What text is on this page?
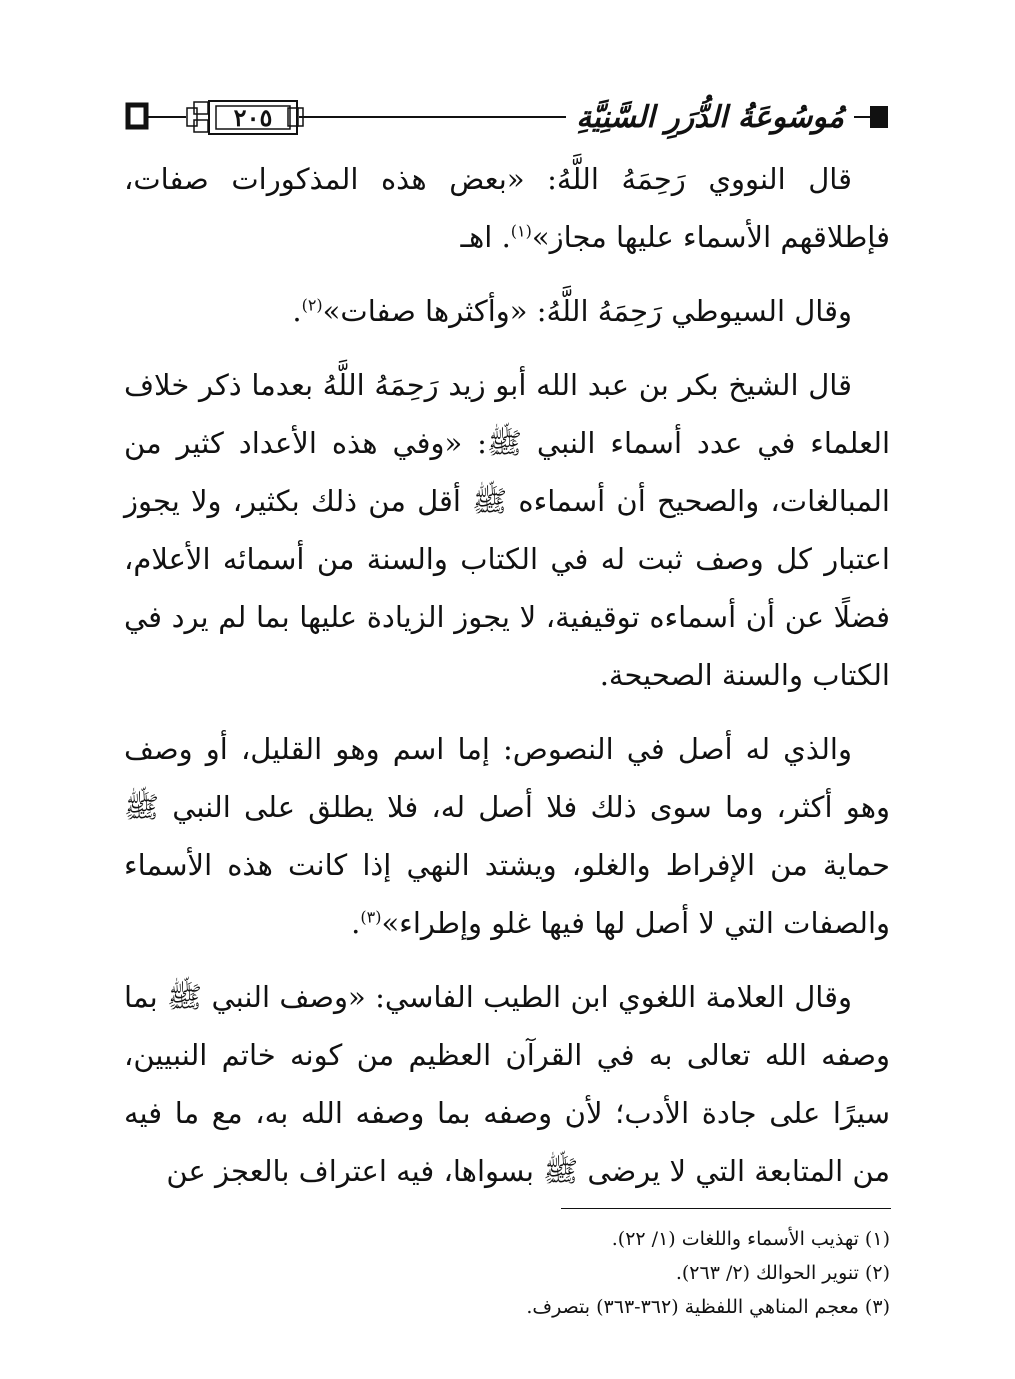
٢٠٥	مُوسُوعَةُ الدُّرَرِ السَّنِيَّةِ

قال النووي رَحِمَهُ اللَّهُ: «بعض هذه المذكورات صفات، فإطلاقهم الأسماء عليها مجاز»$^{(١)}$. اهـ

وقال السيوطي رَحِمَهُ اللَّهُ: «وأكثرها صفات»$^{(٢)}$.

قال الشيخ بكر بن عبد الله أبو زيد رَحِمَهُ اللَّهُ بعدما ذكر خلاف العلماء في عدد أسماء النبي ﷺ: «وفي هذه الأعداد كثير من المبالغات، والصحيح أن أسماءه ﷺ أقل من ذلك بكثير، ولا يجوز اعتبار كل وصف ثبت له في الكتاب والسنة من أسمائه الأعلام، فضلًا عن أن أسماءه توقيفية، لا يجوز الزيادة عليها بما لم يرد في الكتاب والسنة الصحيحة.

والذي له أصل في النصوص: إما اسم وهو القليل، أو وصف وهو أكثر، وما سوى ذلك فلا أصل له، فلا يطلق على النبي ﷺ حماية من الإفراط والغلو، ويشتد النهي إذا كانت هذه الأسماء والصفات التي لا أصل لها فيها غلو وإطراء»$^{(٣)}$.

وقال العلامة اللغوي ابن الطيب الفاسي: «وصف النبي ﷺ بما وصفه الله تعالى به في القرآن العظيم من كونه خاتم النبيين، سيرًا على جادة الأدب؛ لأن وصفه بما وصفه الله به، مع ما فيه من المتابعة التي لا يرضى ﷺ بسواها، فيه اعتراف بالعجز عن

(١) تهذيب الأسماء واللغات (١/ ٢٢).
(٢) تنوير الحوالك (٢/ ٢٦٣).
(٣) معجم المناهي اللفظية (٣٦٢-٣٦٣) بتصرف.
